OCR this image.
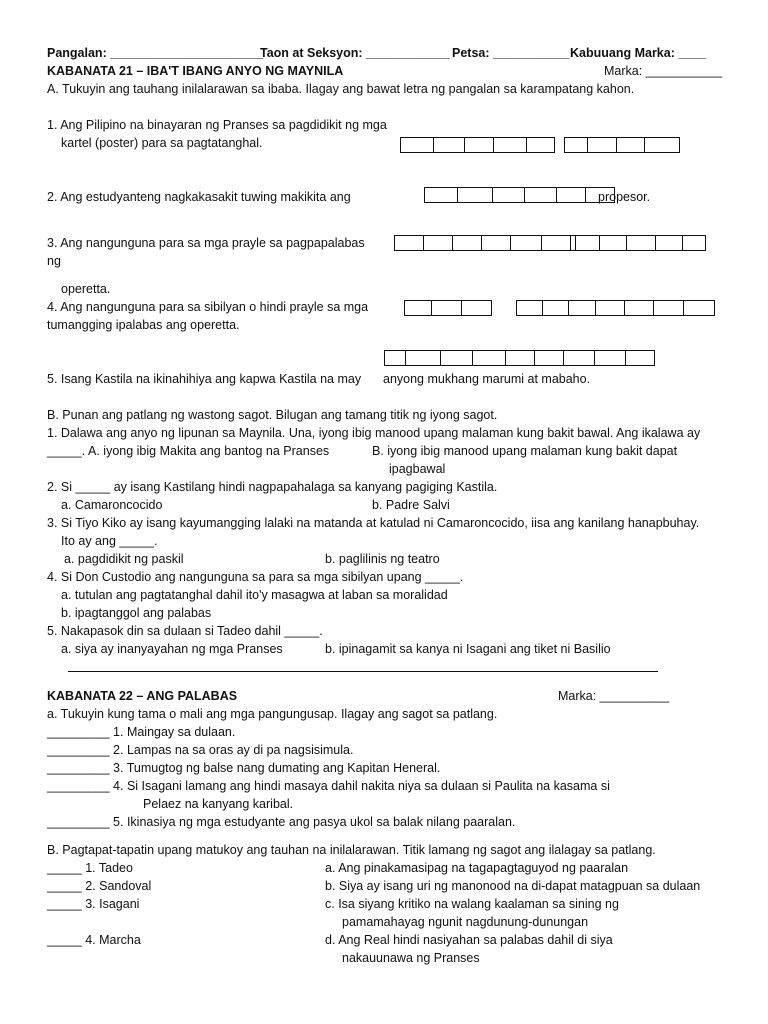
Pangalan: ______________________
Taon at Seksyon: ____________ Petsa: ___________ Kabuuang Marka: ____
KABANATA 21 – IBA'T IBANG ANYO NG MAYNILA	Marka: ___________
A. Tukuyin ang tauhang inilalarawan sa ibaba. Ilagay ang bawat letra ng pangalan sa karampatang kahon.
1. Ang Pilipino na binayaran ng Pranses sa pagdidikit ng mga
kartel (poster) para sa pagtatanghal.
2. Ang estudyanteng nagkakasakit tuwing makikita ang	propesor.
3. Ang nangunguna para sa mga prayle sa pagpapalabas
ng
operetta.
4. Ang nangunguna para sa sibilyan o hindi prayle sa mga
tumangging ipalabas ang operetta.
5. Isang Kastila na ikinahihiya ang kapwa Kastila na may anyong mukhang marumi at mabaho.
B. Punan ang patlang ng wastong sagot. Bilugan ang tamang titik ng iyong sagot.
1. Dalawa ang anyo ng lipunan sa Maynila. Una, iyong ibig manood upang malaman kung bakit bawal. Ang ikalawa ay
_____. A. iyong ibig Makita ang bantog na Pranses	B. iyong ibig manood upang malaman kung bakit dapat
ipagbawal
2. Si _____ ay isang Kastilang hindi nagpapahalaga sa kanyang pagiging Kastila.
a. Camaroncocido	b. Padre Salvi
3. Si Tiyo Kiko ay isang kayumangging lalaki na matanda at katulad ni Camaroncocido, iisa ang kanilang hanapbuhay.
Ito ay ang _____.
a. pagdidikit ng paskil	b. paglilinis ng teatro
4. Si Don Custodio ang nangunguna sa para sa mga sibilyan upang _____.
a. tutulan ang pagtatanghal dahil ito'y masagwa at laban sa moralidad
b. ipagtanggol ang palabas
5. Nakapasok din sa dulaan si Tadeo dahil _____.
a. siya ay inanyayahan ng mga Pranses	b. ipinagamit sa kanya ni Isagani ang tiket ni Basilio
KABANATA 22 – ANG PALABAS	Marka: __________
a. Tukuyin kung tama o mali ang mga pangungusap. Ilagay ang sagot sa patlang.
_________ 1. Maingay sa dulaan.
_________ 2. Lampas na sa oras ay di pa nagsisimula.
_________ 3. Tumugtog ng balse nang dumating ang Kapitan Heneral.
_________ 4. Si Isagani lamang ang hindi masaya dahil nakita niya sa dulaan si Paulita na kasama si
Pelaez na kanyang karibal.
_________ 5. Ikinasiya ng mga estudyante ang pasya ukol sa balak nilang paaralan.
B. Pagtapat-tapatin upang matukoy ang tauhan na inilalarawan. Titik lamang ng sagot ang ilalagay sa patlang.
_____ 1. Tadeo	a. Ang pinakamasipag na tagapagtaguyod ng paaralan
_____ 2. Sandoval	b. Siya ay isang uri ng manonood na di-dapat matagpuan sa dulaan
_____ 3. Isagani	c. Isa siyang kritiko na walang kaalaman sa sining ng
pamamahayag ngunit nagdunung-dunungan
_____ 4. Marcha	d. Ang Real hindi nasiyahan sa palabas dahil di siya
nakauunawa ng Pranses
